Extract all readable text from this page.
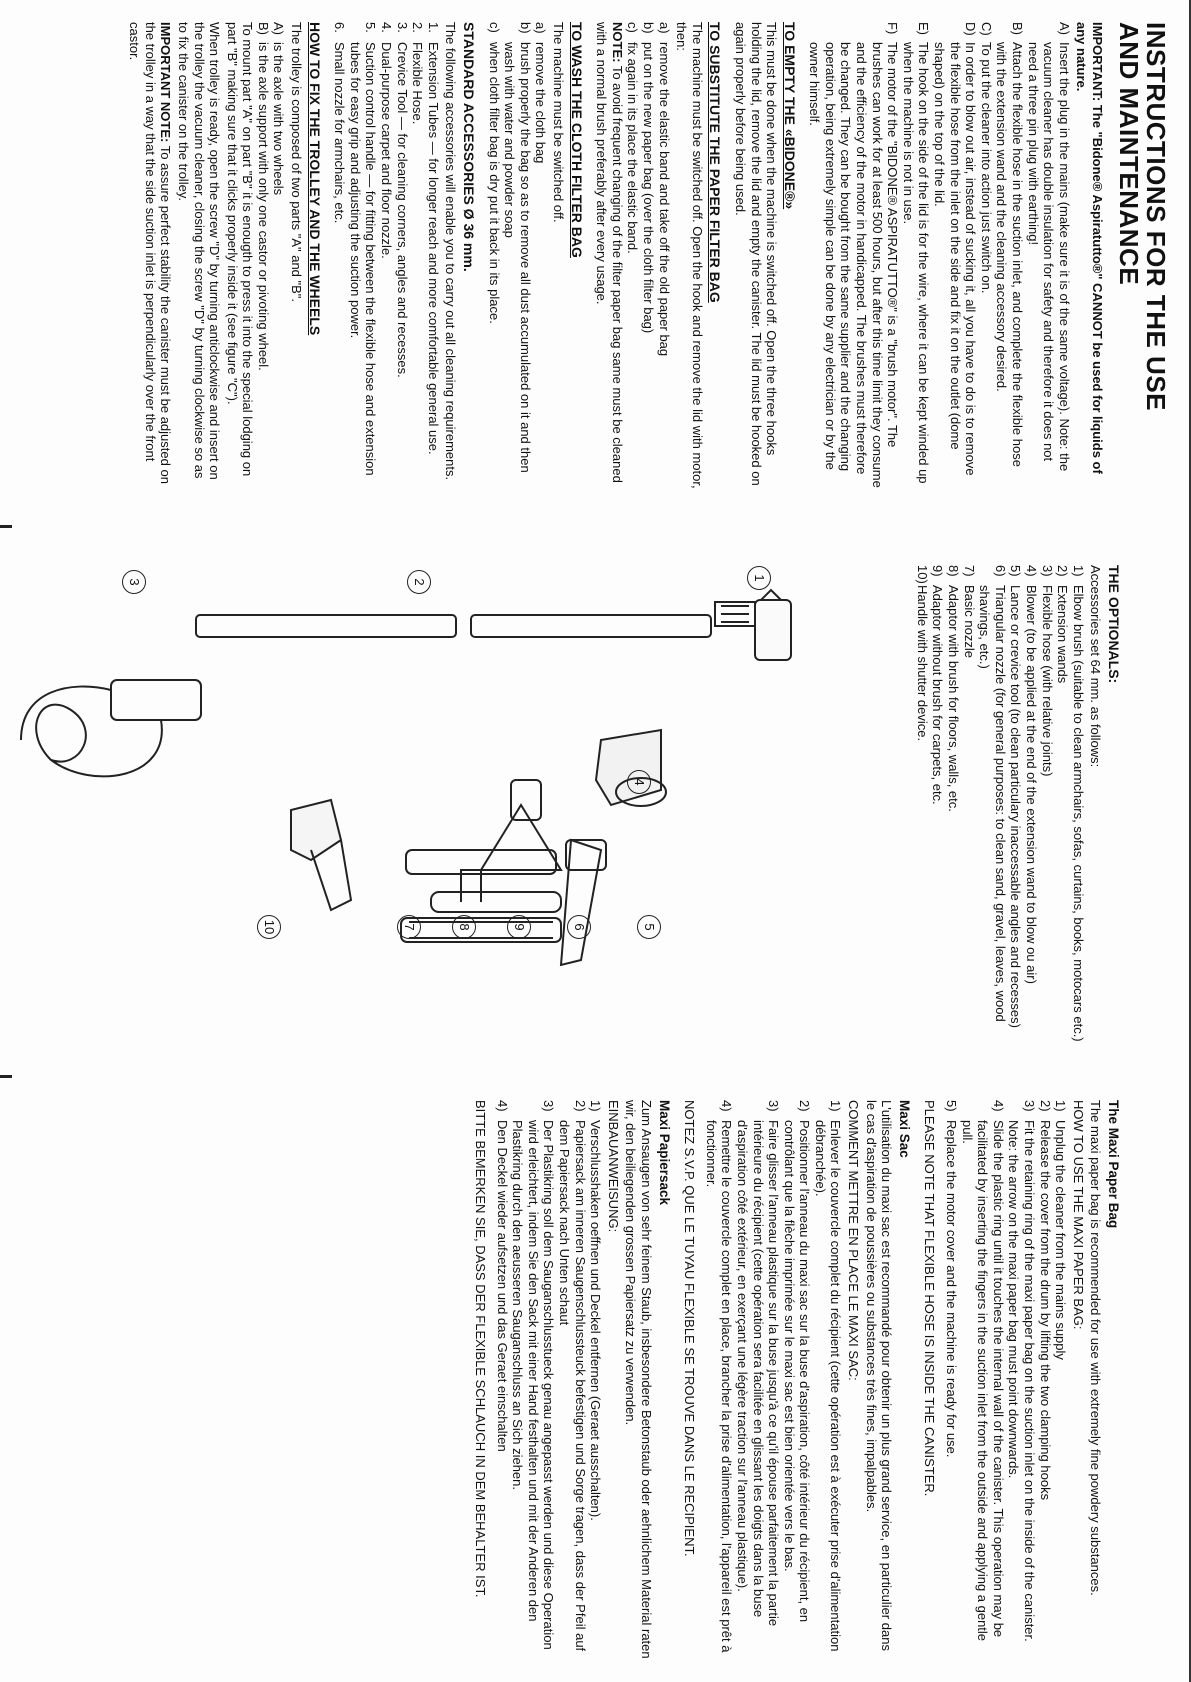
INSTRUCTIONS FOR THE USE
AND MAINTENANCE

IMPORTANT: The "Bidone® Aspiratutto®" CANNOT be used for liquids of any nature.

A)
Insert the plug in the mains (make sure it is of the same voltage). Note: the vacuum cleaner has double insulation for safety and therefore it does not need a three pin plug with earthing!
B)
Attach the flexible hose in the suction inlet, and complete the flexible hose with the extension wand and the cleaning accessory desired.
C)
To put the cleaner into action just switch on.
D)
In order to blow out air, instead of sucking it, all you have to do is to remove the flexible hose from the inlet on the side and fix it on the outlet (dome shaped) on the top of the lid.
E)
The hook on the side of the lid is for the wire, where it can be kept winded up when the machine is not in use.
F)
The motor of the "BIDONE® ASPIRATUTTO®" is a "brush motor". The brushes can work for at least 500 hours, but after this time limit they consume and the efficiency of the motor in handicapped. The brushes must therefore be changed. They can be bought from the same supplier and the changing operation, being extremely simple can be done by any electrician or by the owner himself.
TO EMPTY THE «BIDONE®»

This must be done when the machine is switched off. Open the three hooks holding the lid, remove the lid and empty the canister. The lid must be hooked on again properly before being used.

TO SUBSTITUTE THE PAPER FILTER BAG

The machine must be switched off. Open the hook and remove the lid with motor, then:

a)
remove the elastic band and take off the old paper bag
b)
put on the new paper bag (over the cloth filter bag)
c)
fix again in its place the elastic band.

NOTE: To avoid frequent changing of the filter paper bag same must be cleaned with a normal brush preferably after every usage.

TO WASH THE CLOTH FILTER BAG

The machine must be switched off.

a)
remove the cloth bag
b)
brush properly the bag so as to remove all dust accumulated on it and then wash with water and powder soap
c)
when cloth filter bag is dry put it back in its place.
STANDARD ACCESSORIES Ø 36 mm.

The following accessories will enable you to carry out all cleaning requirements.

1.
Extension Tubes — for longer reach and more comfortable general use.
2.
Flexible Hose.
3.
Crevice Tool — for cleaning corners, angles and recesses.
4.
Dual-purpose carpet and floor nozzle.
5.
Suction control handle — for fitting between the flexible hose and extension tubes for easy grip and adjusting the suction power.
6.
Small nozzle for armchairs, etc.
HOW TO FIX THE TROLLEY AND THE WHEELS

The trolley is composed of two parts "A" and "B".

A)
is the axle with two wheels
B)
is the axle support with only one castor or pivoting wheel.

To mount part "A" on part "B" it is enougth to press it into the special lodging on part "B" making sure that it clicks properly inside it (see figure "C").

When trolley is ready, open the screw "D" by turning anticlockwise and insert on the trolley the vacuum cleaner, closing the screw "D" by turning clockwise so as to fix the canister on the trolley.

IMPORTANT NOTE: To assure perfect stability the canister must be adjusted on the trolley in a way that the side suction inlet is perpendicularly over the front castor.

THE OPTIONALS:

Accessories set 64 mm. as follows:

1)
Elbow brush (suitable to clean armchairs, sofas, curtains, books, motocars etc.)
2)
Extension wands
3)
Flexible hose (with relative joints)
4)
Blower (to be applied at the end of the extension wand to blow ou air)
5)
Lance or crevice tool (to clean particulary inaccessable angles and recesses)
6)
Triangular nozzle (for general purposes: to clean sand, gravel, leaves, wood shavings, etc.)
7)
Basic nozzle
8)
Adaptor with brush for floors, walls, etc.
9)
Adaptor without brush for carpets, etc.
10)
Handle with shutter device.
1
2
3
4
5
6
9
8
7
10
The Maxi Paper Bag

The maxi paper bag is recommended for use with extremely fine powdery substances.

HOW TO USE THE MAXI PAPER BAG:

1)
Unplug the cleaner from the mains supply
2)
Release the cover from the drum by lifting the two clamping hooks
3)
Fit the retaining ring of the maxi paper bag on the suction inlet on the inside of the canister. Note: the arrow on the maxi paper bag must point downwards.
4)
Slide the plastic ring until it touches the internal wall of the canister. This operation may be facilitated by inserting the fingers in the suction inlet from the outside and applying a gentle pull.
5)
Replace the motor cover and the machine is ready for use.

PLEASE NOTE THAT FLEXIBLE HOSE IS INSIDE THE CANISTER.

Maxi Sac

L'utilisation du maxi sac est recommandé pour obtenir un plus grand service, en particulier dans le cas d'aspiration de poussières ou substances très fines, impalpables.

COMMENT METTRE EN PLACE LE MAXI SAC:

1)
Enlever le couvercle complet du récipient (cette opération est à exécuter prise d'alimentation débranchée).
2)
Positionner l'anneau du maxi sac sur la buse d'aspiration, côté intérieur du récipient, en contrôlant que la flèche imprimée sur le maxi sac est bien orientée vers le bas.
3)
Faire glisser l'anneau plastique sur la buse jusqu'à ce qu'il épouse parfaitement la partie intérieure du récipient (cette opération sera facilitée en glissant les doigts dans la buse d'aspiration côté extérieur, en exerçant une légère traction sur l'anneau plastique).
4)
Remettre le couvercle complet en place, brancher la prise d'alimentation, l'appareil est prêt à fonctionner.

NOTEZ S.V.P. QUE LE TUYAU FLEXIBLE SE TROUVE DANS LE RECIPIENT.

Maxi Papiersack

Zum Ansaugen von sehr feinem Staub, insbesondere Betonstaub oder aehnlichem Material raten wir, den beiliegenden grossen Papiersatz zu verwenden.

EINBAUANWEISUNG:

1)
Verschlusshaken oeffnen und Deckel entfernen (Geraet ausschalten).
2)
Papiersack am inneren Saugenschlussteuck befestigen und Sorge tragen, dass der Pfeil auf dem Papiersack nach Unten schaut
3)
Der Plastikring soll dem Sauganschlusstueck genau angepasst werden und diese Operation wird erleichtert, indem Sie den Sack mit einer Hand festhalten und mit der Anderen den Plastikring durch den aeusseren Sauganschluss an Sich ziehen.
4)
Den Deckel wieder aufsetzen und das Geraet einschalten

BITTE BEMERKEN SIE, DASS DER FLEXIBLE SCHLAUCH IN DEM BEHALTER IST.
